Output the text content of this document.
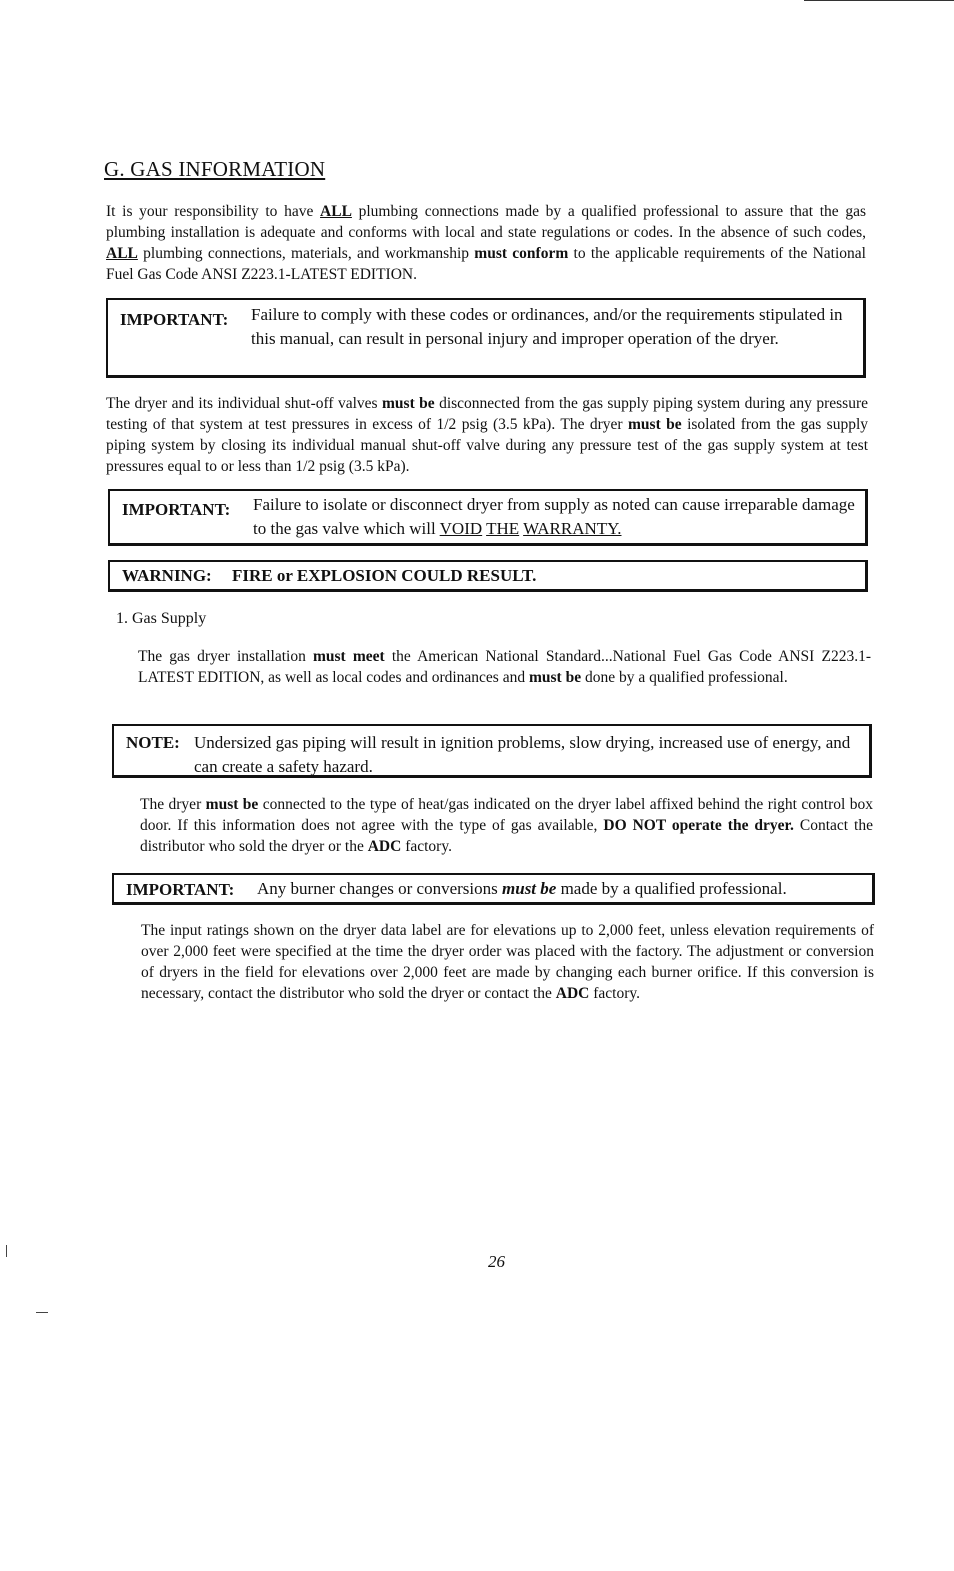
G. GAS INFORMATION
It is your responsibility to have ALL plumbing connections made by a qualified professional to assure that the gas plumbing installation is adequate and conforms with local and state regulations or codes. In the absence of such codes, ALL plumbing connections, materials, and workmanship must conform to the applicable requirements of the National Fuel Gas Code ANSI Z223.1-LATEST EDITION.
IMPORTANT: Failure to comply with these codes or ordinances, and/or the requirements stipulated in this manual, can result in personal injury and improper operation of the dryer.
The dryer and its individual shut-off valves must be disconnected from the gas supply piping system during any pressure testing of that system at test pressures in excess of 1/2 psig (3.5 kPa). The dryer must be isolated from the gas supply piping system by closing its individual manual shut-off valve during any pressure test of the gas supply system at test pressures equal to or less than 1/2 psig (3.5 kPa).
IMPORTANT: Failure to isolate or disconnect dryer from supply as noted can cause irreparable damage to the gas valve which will VOID THE WARRANTY.
WARNING: FIRE or EXPLOSION COULD RESULT.
1. Gas Supply
The gas dryer installation must meet the American National Standard...National Fuel Gas Code ANSI Z223.1-LATEST EDITION, as well as local codes and ordinances and must be done by a qualified professional.
NOTE: Undersized gas piping will result in ignition problems, slow drying, increased use of energy, and can create a safety hazard.
The dryer must be connected to the type of heat/gas indicated on the dryer label affixed behind the right control box door. If this information does not agree with the type of gas available, DO NOT operate the dryer. Contact the distributor who sold the dryer or the ADC factory.
IMPORTANT: Any burner changes or conversions must be made by a qualified professional.
The input ratings shown on the dryer data label are for elevations up to 2,000 feet, unless elevation requirements of over 2,000 feet were specified at the time the dryer order was placed with the factory. The adjustment or conversion of dryers in the field for elevations over 2,000 feet are made by changing each burner orifice. If this conversion is necessary, contact the distributor who sold the dryer or contact the ADC factory.
26
